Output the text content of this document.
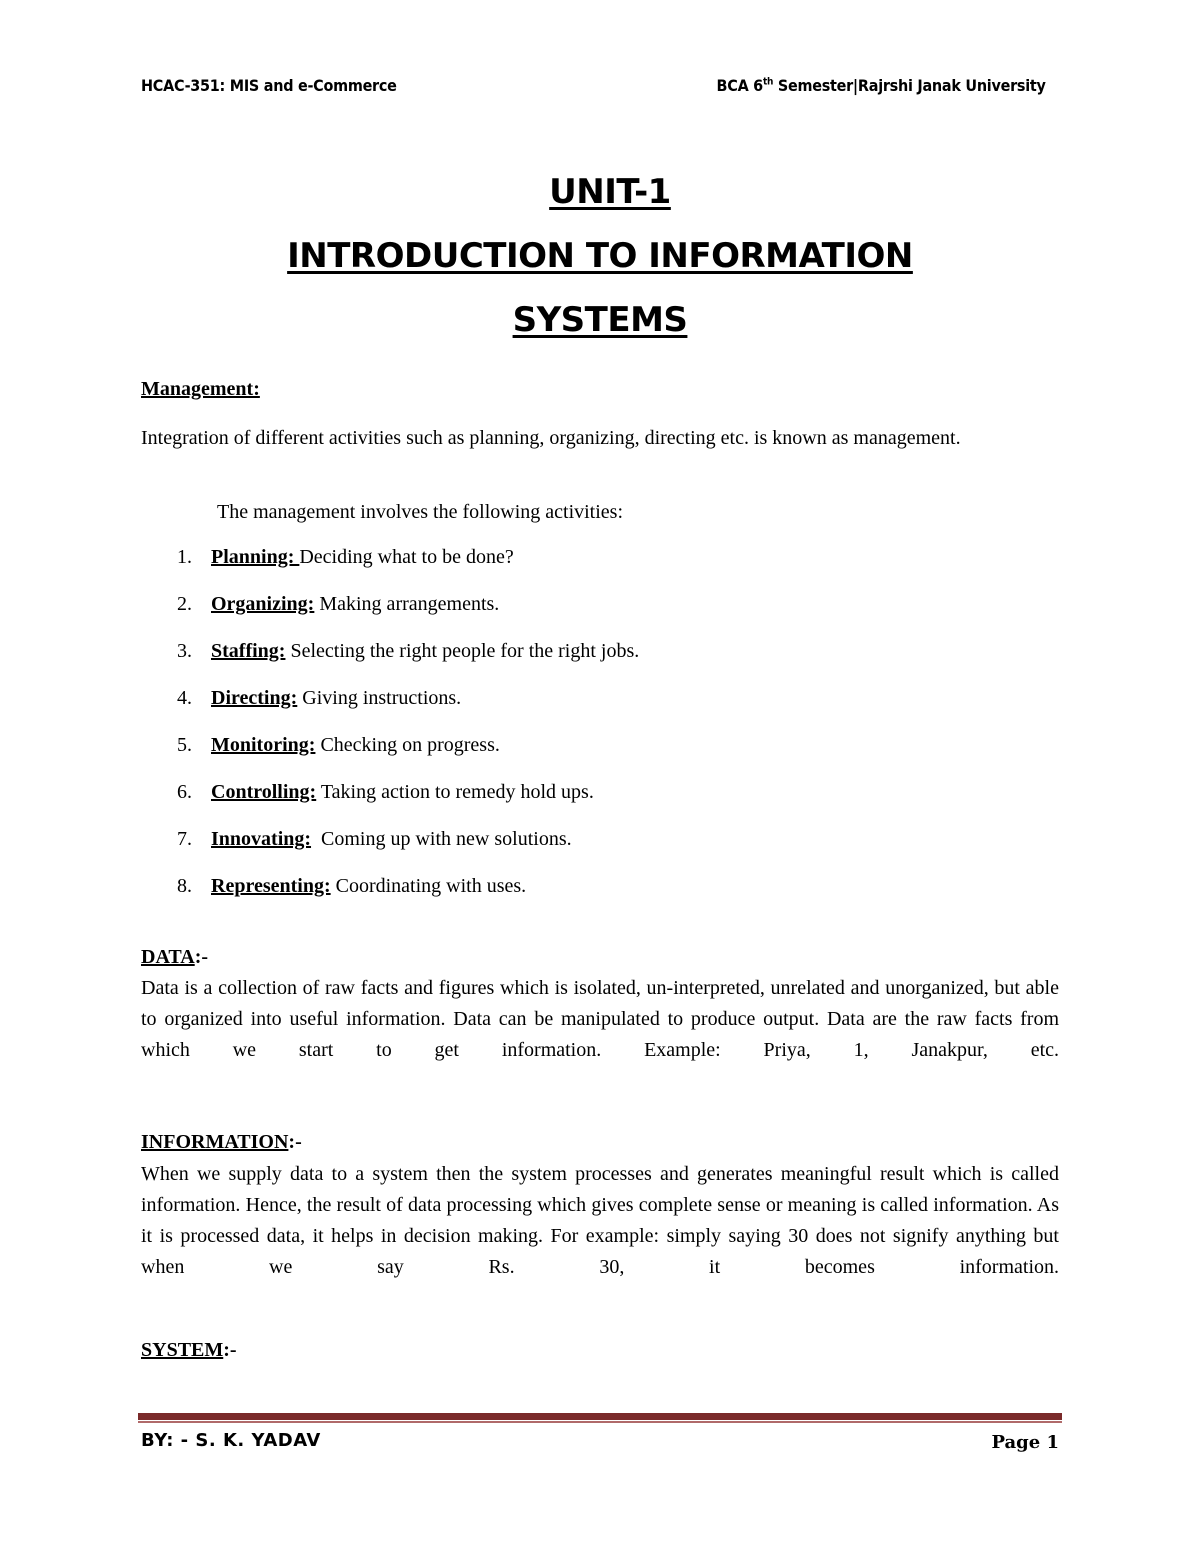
HCAC-351: MIS and e-Commerce	BCA 6th Semester|Rajrshi Janak University
UNIT-1
INTRODUCTION TO INFORMATION
SYSTEMS
Management:
Integration of different activities such as planning, organizing, directing etc. is known as management.
The management involves the following activities:
1. Planning: Deciding what to be done?
2. Organizing: Making arrangements.
3. Staffing: Selecting the right people for the right jobs.
4. Directing: Giving instructions.
5. Monitoring: Checking on progress.
6. Controlling: Taking action to remedy hold ups.
7. Innovating:  Coming up with new solutions.
8. Representing: Coordinating with uses.
DATA:-
Data is a collection of raw facts and figures which is isolated, un-interpreted, unrelated and unorganized, but able to organized into useful information. Data can be manipulated to produce output. Data are the raw facts from which we start to get information. Example: Priya, 1, Janakpur, etc.
INFORMATION:-
When we supply data to a system then the system processes and generates meaningful result which is called information. Hence, the result of data processing which gives complete sense or meaning is called information. As it is processed data, it helps in decision making. For example: simply saying 30 does not signify anything but when we say Rs. 30, it becomes information.
SYSTEM:-
BY: - S. K. YADAV	Page 1
